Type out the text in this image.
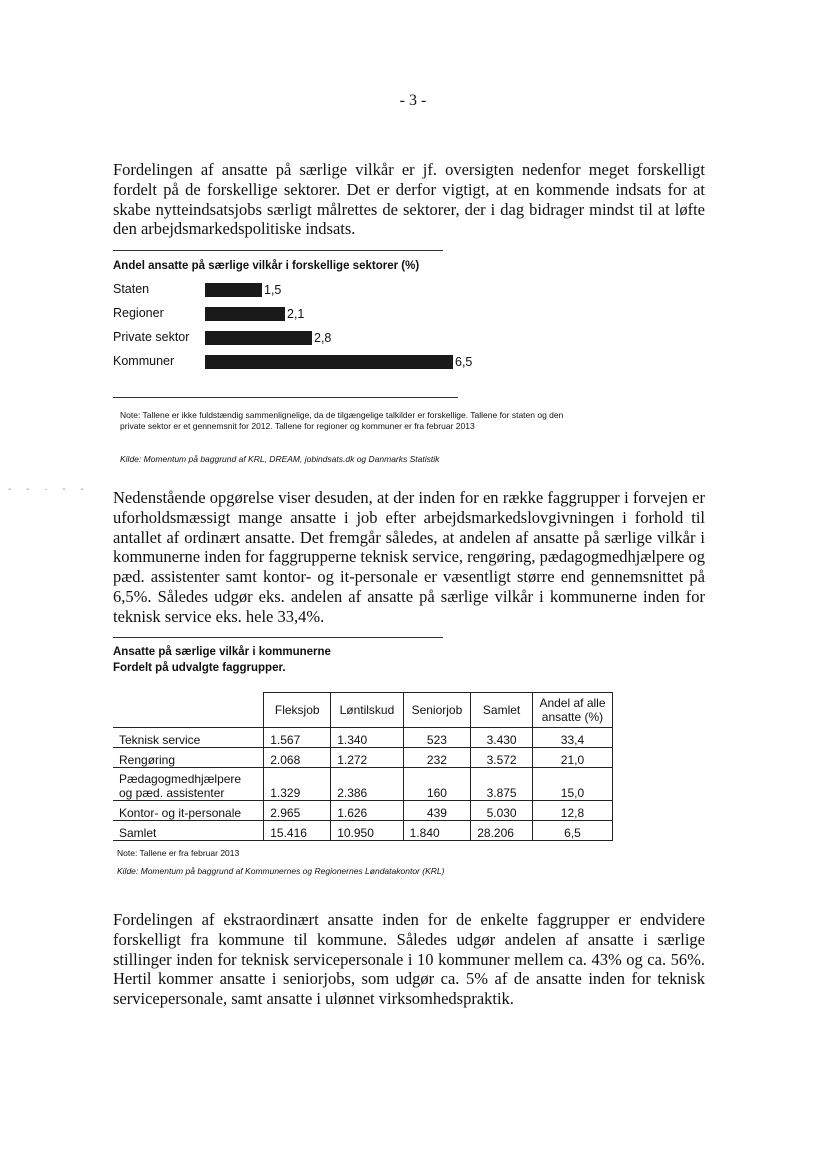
- 3 -
Fordelingen af ansatte på særlige vilkår er jf. oversigten nedenfor meget forskelligt fordelt på de forskellige sektorer. Det er derfor vigtigt, at en kommende indsats for at skabe nytteindsatsjobs særligt målrettes de sektorer, der i dag bidrager mindst til at løfte den arbejdsmarkedspolitiske indsats.
Andel ansatte på særlige vilkår i forskellige sektorer (%)
Staten	1,5
Regioner	2,1
Private sektor	2,8
Kommuner	6,5
Note: Tallene er ikke fuldstændig sammenlignelige, da de tilgængelige talkilder er forskellige. Tallene for staten og den private sektor er et gennemsnit for 2012. Tallene for regioner og kommuner er fra februar 2013
Kilde: Momentum på baggrund af KRL, DREAM, jobindsats.dk og Danmarks Statistik
- - · - - Nedenstående opgørelse viser desuden, at der inden for en række faggrupper i forvejen er uforholdsmæssigt mange ansatte i job efter arbejdsmarkedslovgivningen i forhold til antallet af ordinært ansatte. Det fremgår således, at andelen af ansatte på særlige vilkår i kommunerne inden for faggrupperne teknisk service, rengøring, pædagogmedhjælpere og pæd. assistenter samt kontor- og it-personale er væsentligt større end gennemsnittet på 6,5%. Således udgør eks. andelen af ansatte på særlige vilkår i kommunerne inden for teknisk service eks. hele 33,4%.
Ansatte på særlige vilkår i kommunerne
Fordelt på udvalgte faggrupper.
	Fleksjob	Løntilskud	Seniorjob	Samlet	Andel af alle ansatte (%)
Teknisk service	1.567	1.340	523	3.430	33,4
Rengøring	2.068	1.272	232	3.572	21,0
Pædagogmedhjælpere og pæd. assistenter	1.329	2.386	160	3.875	15,0
Kontor- og it-personale	2.965	1.626	439	5.030	12,8
Samlet	15.416	10.950	1.840	28.206	6,5
Note: Tallene er fra februar 2013
Kilde: Momentum på baggrund af Kommunernes og Regionernes Løndatakontor (KRL)
Fordelingen af ekstraordinært ansatte inden for de enkelte faggrupper er endvidere forskelligt fra kommune til kommune. Således udgør andelen af ansatte i særlige stillinger inden for teknisk servicepersonale i 10 kommuner mellem ca. 43% og ca. 56%. Hertil kommer ansatte i seniorjobs, som udgør ca. 5% af de ansatte inden for teknisk servicepersonale, samt ansatte i ulønnet virksomhedspraktik.
